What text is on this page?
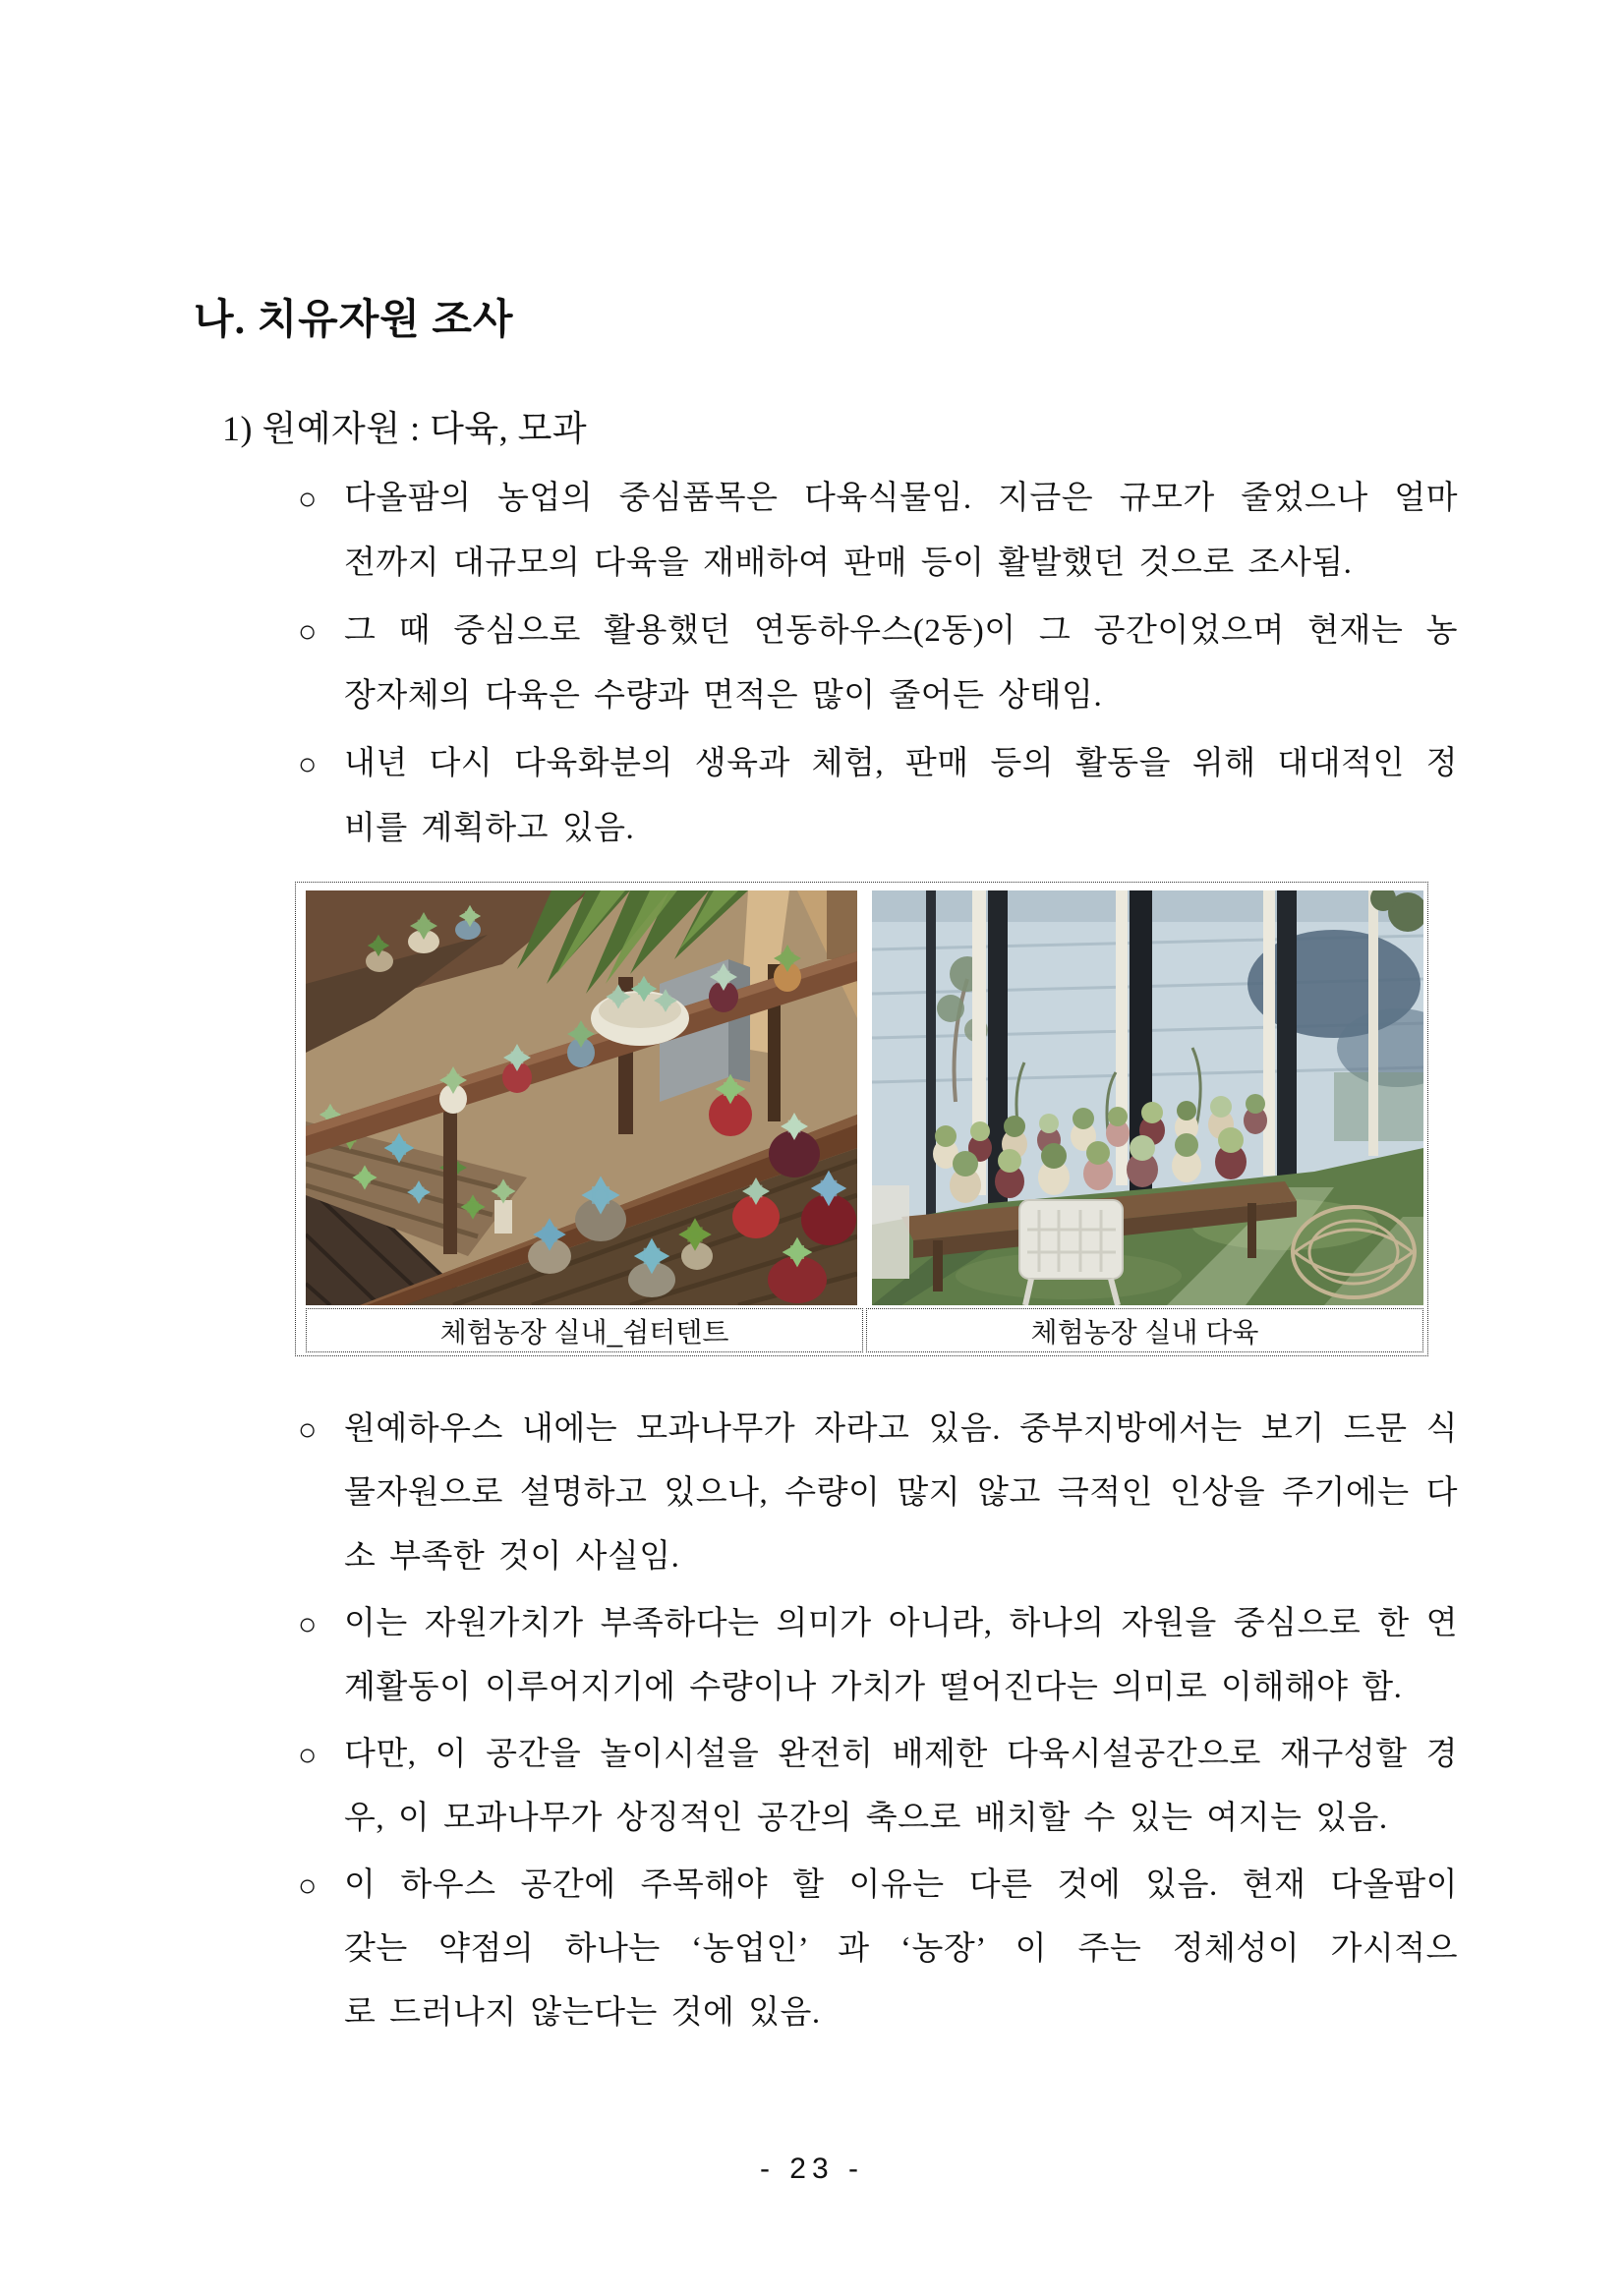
나. 치유자원 조사
1) 원예자원 : 다육, 모과
○ 다올팜의 농업의 중심품목은 다육식물임. 지금은 규모가 줄었으나 얼마
전까지 대규모의 다육을 재배하여 판매 등이 활발했던 것으로 조사됨.
○ 그 때 중심으로 활용했던 연동하우스(2동)이 그 공간이었으며 현재는 농
장자체의 다육은 수량과 면적은 많이 줄어든 상태임.
○ 내년 다시 다육화분의 생육과 체험, 판매 등의 활동을 위해 대대적인 정
비를 계획하고 있음.
체험농장 실내_쉼터텐트	체험농장 실내 다육
○ 원예하우스 내에는 모과나무가 자라고 있음. 중부지방에서는 보기 드문 식
물자원으로 설명하고 있으나, 수량이 많지 않고 극적인 인상을 주기에는 다
소 부족한 것이 사실임.
○ 이는 자원가치가 부족하다는 의미가 아니라, 하나의 자원을 중심으로 한 연
계활동이 이루어지기에 수량이나 가치가 떨어진다는 의미로 이해해야 함.
○ 다만, 이 공간을 놀이시설을 완전히 배제한 다육시설공간으로 재구성할 경
우, 이 모과나무가 상징적인 공간의 축으로 배치할 수 있는 여지는 있음.
○ 이 하우스 공간에 주목해야 할 이유는 다른 것에 있음. 현재 다올팜이
갖는 약점의 하나는 ‘농업인’ 과 ‘농장’ 이 주는 정체성이 가시적으
로 드러나지 않는다는 것에 있음.
- 23 -
